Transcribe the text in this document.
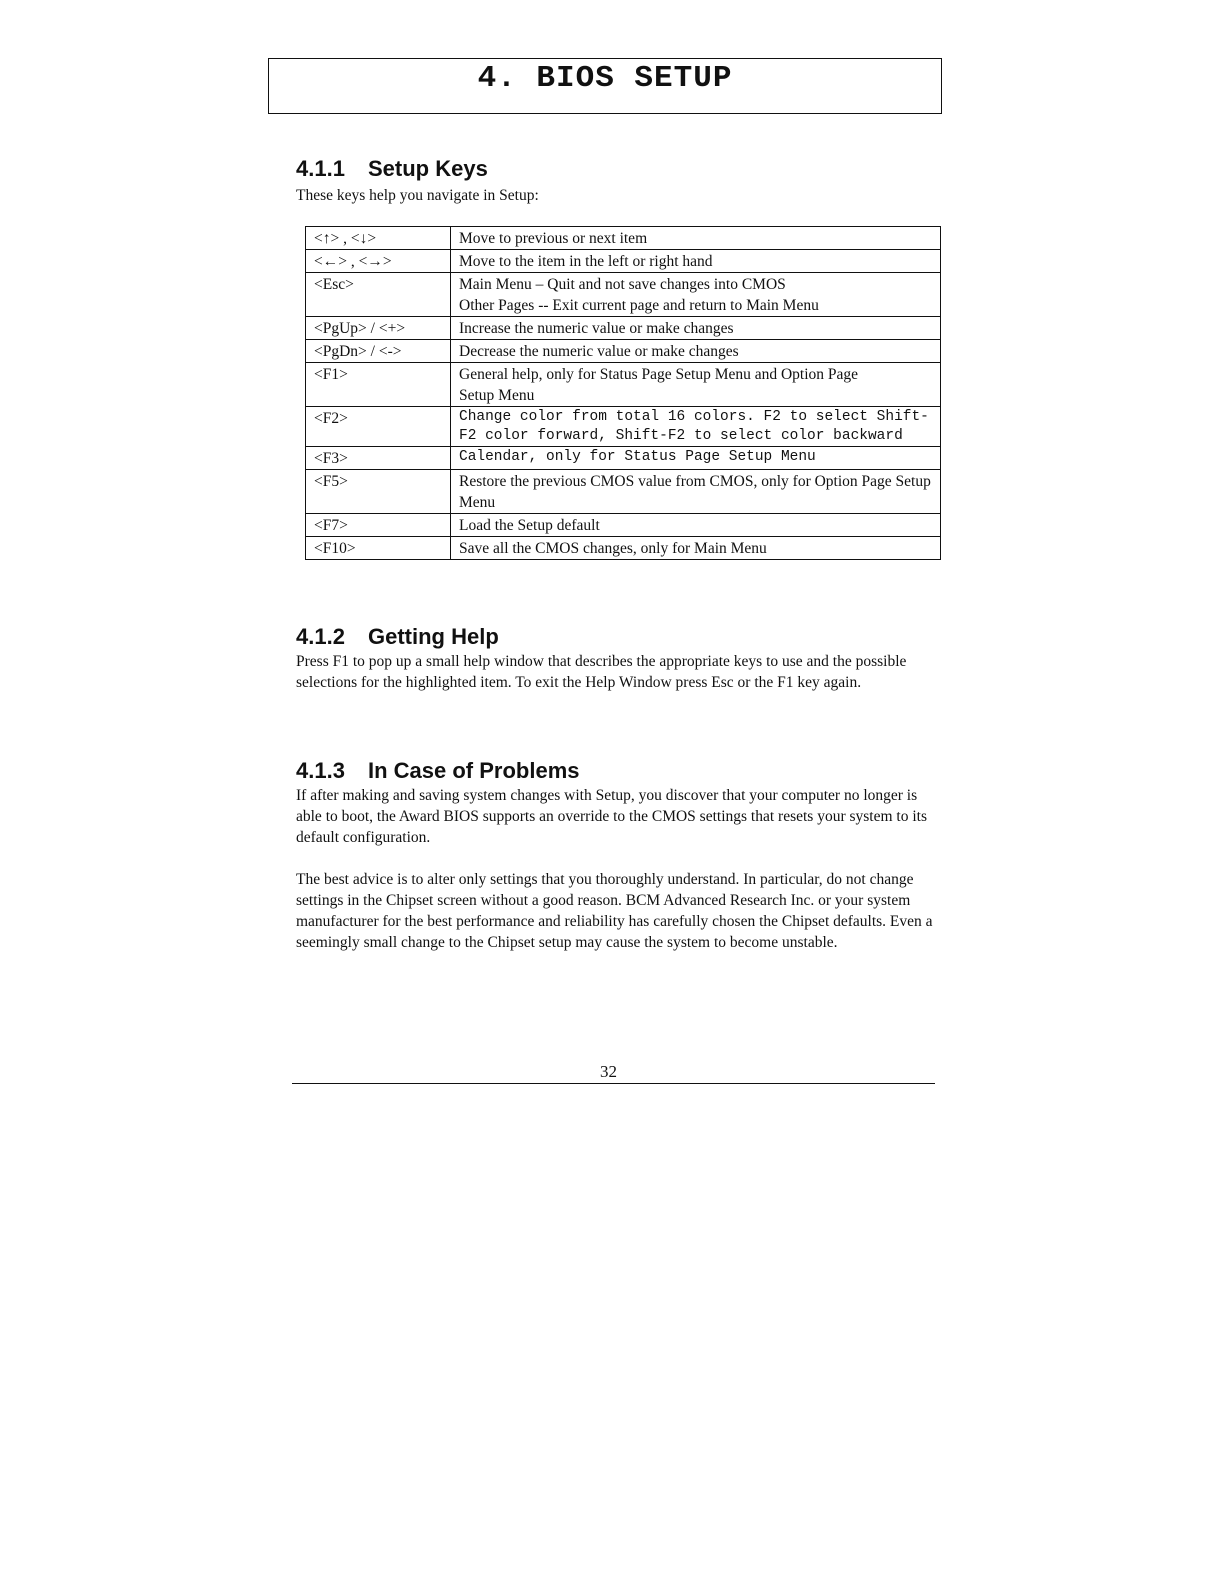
4. BIOS SETUP
4.1.1 Setup Keys

These keys help you navigate in Setup:

<↑> , <↓>	Move to previous or next item
<←> , <→>	Move to the item in the left or right hand
<Esc>	Main Menu – Quit and not save changes into CMOS
Other Pages -- Exit current page and return to Main Menu

<PgUp> / <+>	Increase the numeric value or make changes
<PgDn> / <->	Decrease the numeric value or make changes
<F1>	General help, only for Status Page Setup Menu and Option Page
Setup Menu

<F2>	Change color from total 16 colors. F2 to select Shift-F2 color forward, Shift-F2 to select color backward
<F3>	Calendar, only for Status Page Setup Menu
<F5>	Restore the previous CMOS value from CMOS, only for Option Page Setup Menu
<F7>	Load the Setup default
<F10>	Save all the CMOS changes, only for Main Menu
4.1.2 Getting Help

Press F1 to pop up a small help window that describes the appropriate keys to use and the possible selections for the highlighted item. To exit the Help Window press Esc or the F1 key again.

4.1.3 In Case of Problems

If after making and saving system changes with Setup, you discover that your computer no longer is able to boot, the Award BIOS supports an override to the CMOS settings that resets your system to its default configuration.

The best advice is to alter only settings that you thoroughly understand. In particular, do not change settings in the Chipset screen without a good reason. BCM Advanced Research Inc. or your system manufacturer for the best performance and reliability has carefully chosen the Chipset defaults. Even a seemingly small change to the Chipset setup may cause the system to become unstable.

32
